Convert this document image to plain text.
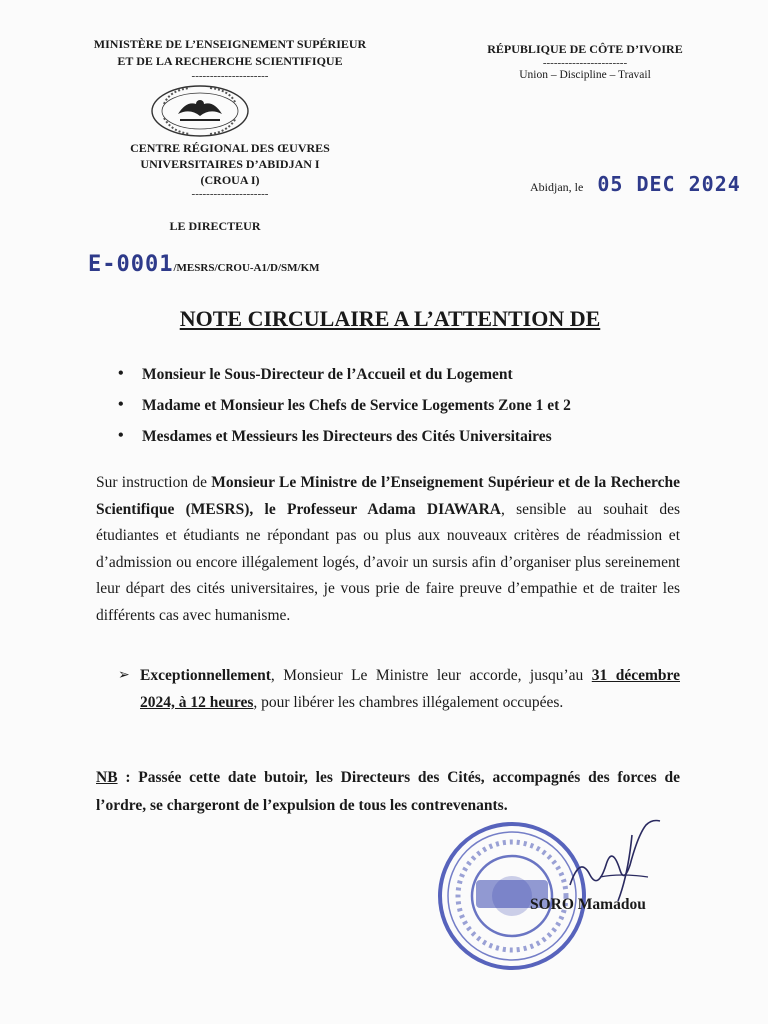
MINISTÈRE DE L’ENSEIGNEMENT SUPÉRIEUR
ET DE LA RECHERCHE SCIENTIFIQUE
---------------------
RÉPUBLIQUE DE CÔTE D’IVOIRE
-----------------------
Union – Discipline – Travail
CENTRE RÉGIONAL DES ŒUVRES
UNIVERSITAIRES D’ABIDJAN I
(CROUA I)
---------------------
LE DIRECTEUR
Abidjan, le 05 DEC 2024
E-0001 /MESRS/CROU-A1/D/SM/KM
NOTE CIRCULAIRE A L’ATTENTION DE
• Monsieur le Sous-Directeur de l’Accueil et du Logement
• Madame et Monsieur les Chefs de Service Logements Zone 1 et 2
• Mesdames et Messieurs les Directeurs des Cités Universitaires
Sur instruction de Monsieur Le Ministre de l’Enseignement Supérieur et de la Recherche Scientifique (MESRS), le Professeur Adama DIAWARA, sensible au souhait des étudiantes et étudiants ne répondant pas ou plus aux nouveaux critères de réadmission et d’admission ou encore illégalement logés, d’avoir un sursis afin d’organiser plus sereinement leur départ des cités universitaires, je vous prie de faire preuve d’empathie et de traiter les différents cas avec humanisme.
➢ Exceptionnellement, Monsieur Le Ministre leur accorde, jusqu’au 31 décembre 2024, à 12 heures, pour libérer les chambres illégalement occupées.
NB : Passée cette date butoir, les Directeurs des Cités, accompagnés des forces de l’ordre, se chargeront de l’expulsion de tous les contrevenants.
SORO Mamadou
